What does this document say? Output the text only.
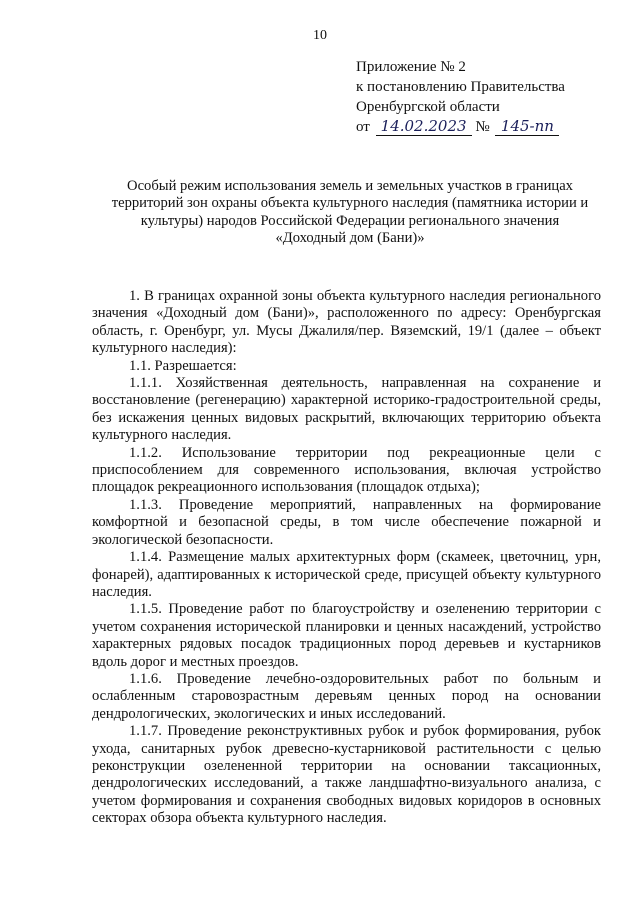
10
Приложение № 2
к постановлению Правительства
Оренбургской области
от 14.02.2023 № 145-пп
Особый режим использования земель и земельных участков в границах
территорий зон охраны объекта культурного наследия (памятника истории и
культуры) народов Российской Федерации регионального значения
«Доходный дом (Бани)»

1. В границах охранной зоны объекта культурного наследия регионального значения «Доходный дом (Бани)», расположенного по адресу: Оренбургская область, г. Оренбург, ул. Мусы Джалиля/пер. Вяземский, 19/1 (далее – объект культурного наследия):

1.1. Разрешается:

1.1.1. Хозяйственная деятельность, направленная на сохранение и восстановление (регенерацию) характерной историко-градостроительной среды, без искажения ценных видовых раскрытий, включающих территорию объекта культурного наследия.

1.1.2. Использование территории под рекреационные цели с приспособлением для современного использования, включая устройство площадок рекреационного использования (площадок отдыха);

1.1.3. Проведение мероприятий, направленных на формирование комфортной и безопасной среды, в том числе обеспечение пожарной и экологической безопасности.

1.1.4. Размещение малых архитектурных форм (скамеек, цветочниц, урн, фонарей), адаптированных к исторической среде, присущей объекту культурного наследия.

1.1.5. Проведение работ по благоустройству и озеленению территории с учетом сохранения исторической планировки и ценных насаждений, устройство характерных рядовых посадок традиционных пород деревьев и кустарников вдоль дорог и местных проездов.

1.1.6. Проведение лечебно-оздоровительных работ по больным и ослабленным старовозрастным деревьям ценных пород на основании дендрологических, экологических и иных исследований.

1.1.7. Проведение реконструктивных рубок и рубок формирования, рубок ухода, санитарных рубок древесно-кустарниковой растительности с целью реконструкции озелененной территории на основании таксационных, дендрологических исследований, а также ландшафтно-визуального анализа, с учетом формирования и сохранения свободных видовых коридоров в основных секторах обзора объекта культурного наследия.
